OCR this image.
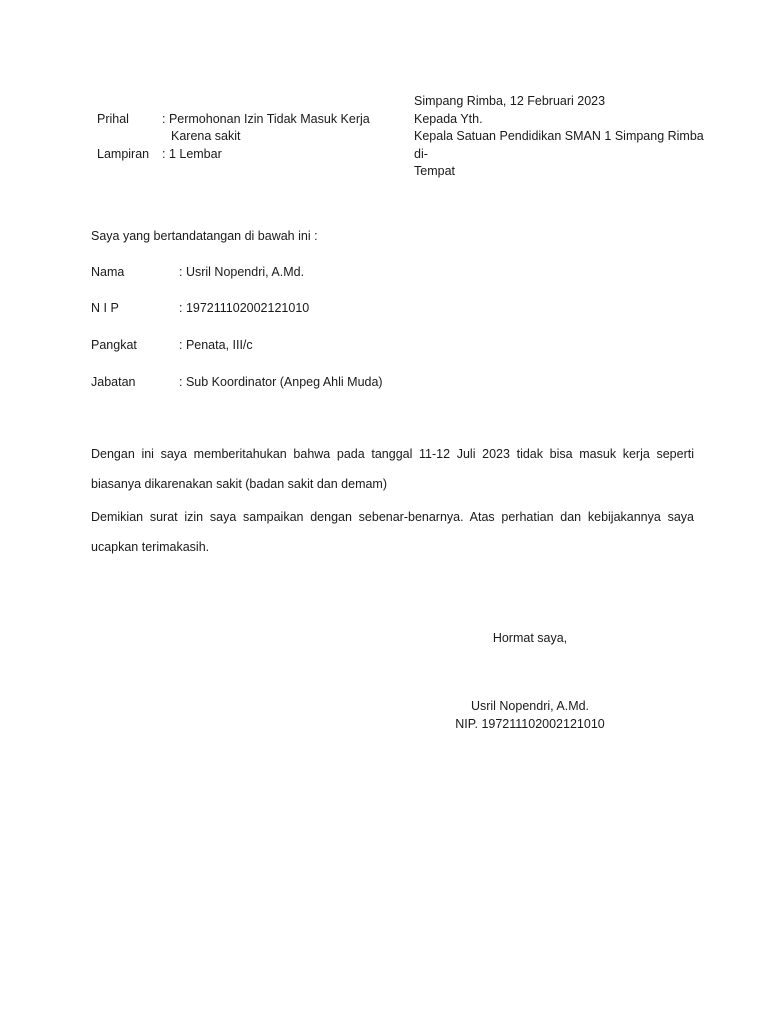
Prihal	: Permohonan Izin Tidak Masuk Kerja
Karena sakit
Lampiran : 1 Lembar
Simpang Rimba, 12 Februari 2023
Kepada Yth.
Kepala Satuan Pendidikan SMAN 1 Simpang Rimba
di-
Tempat
Saya yang bertandatangan di bawah ini :
Nama	: Usril Nopendri, A.Md.
N I P	: 197211102002121010
Pangkat	: Penata, III/c
Jabatan	: Sub Koordinator (Anpeg Ahli Muda)
Dengan ini saya memberitahukan bahwa pada tanggal 11-12 Juli 2023 tidak bisa masuk kerja seperti
biasanya dikarenakan sakit (badan sakit dan demam)
Demikian surat izin saya sampaikan dengan sebenar-benarnya. Atas perhatian dan kebijakannya saya
ucapkan terimakasih.
Hormat saya,
Usril Nopendri, A.Md.
NIP. 197211102002121010
